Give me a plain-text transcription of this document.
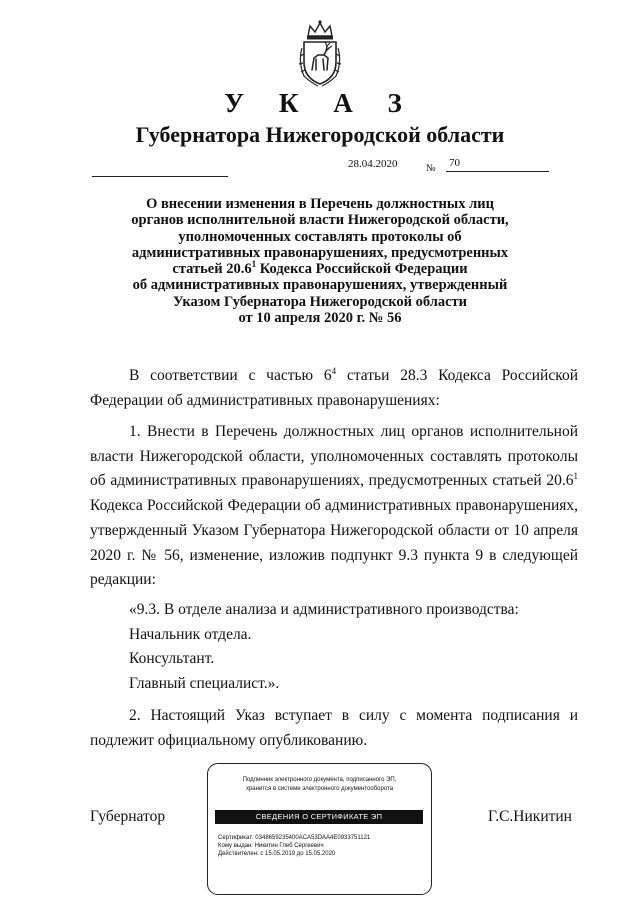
У К А З
Губернатора Нижегородской области
28.04.2020	№ 70
О внесении изменения в Перечень должностных лиц
органов исполнительной власти Нижегородской области,
уполномоченных составлять протоколы об
административных правонарушениях, предусмотренных
статьей 20.6$^1$ Кодекса Российской Федерации
об административных правонарушениях, утвержденный
Указом Губернатора Нижегородской области
от 10 апреля 2020 г. № 56

В соответствии с частью $6^4$ статьи 28.3 Кодекса Российской Федерации об административных правонарушениях:

1. Внести в Перечень должностных лиц органов исполнительной власти Нижегородской области, уполномоченных составлять протоколы об административных правонарушениях, предусмотренных статьей 20.6$^1$ Кодекса Российской Федерации об административных правонарушениях, утвержденный Указом Губернатора Нижегородской области от 10 апреля 2020 г. № 56, изменение, изложив подпункт 9.3 пункта 9 в следующей редакции:

«9.3. В отделе анализа и административного производства:

Начальник отдела.

Консультант.

Главный специалист.».

2. Настоящий Указ вступает в силу с момента подписания и подлежит официальному опубликованию.

Губернатор	Г.С.Никитин
Подлинник электронного документа, подписанного ЭП,
хранится в системе электронного документооборота
СВЕДЕНИЯ О СЕРТИФИКАТЕ ЭП
Сертификат: 0348659235400ACA53DAA4E0933751121
Кому выдан: Никитин Глеб Сергеевич
Действителен: с 15.05.2019 до 15.05.2020
